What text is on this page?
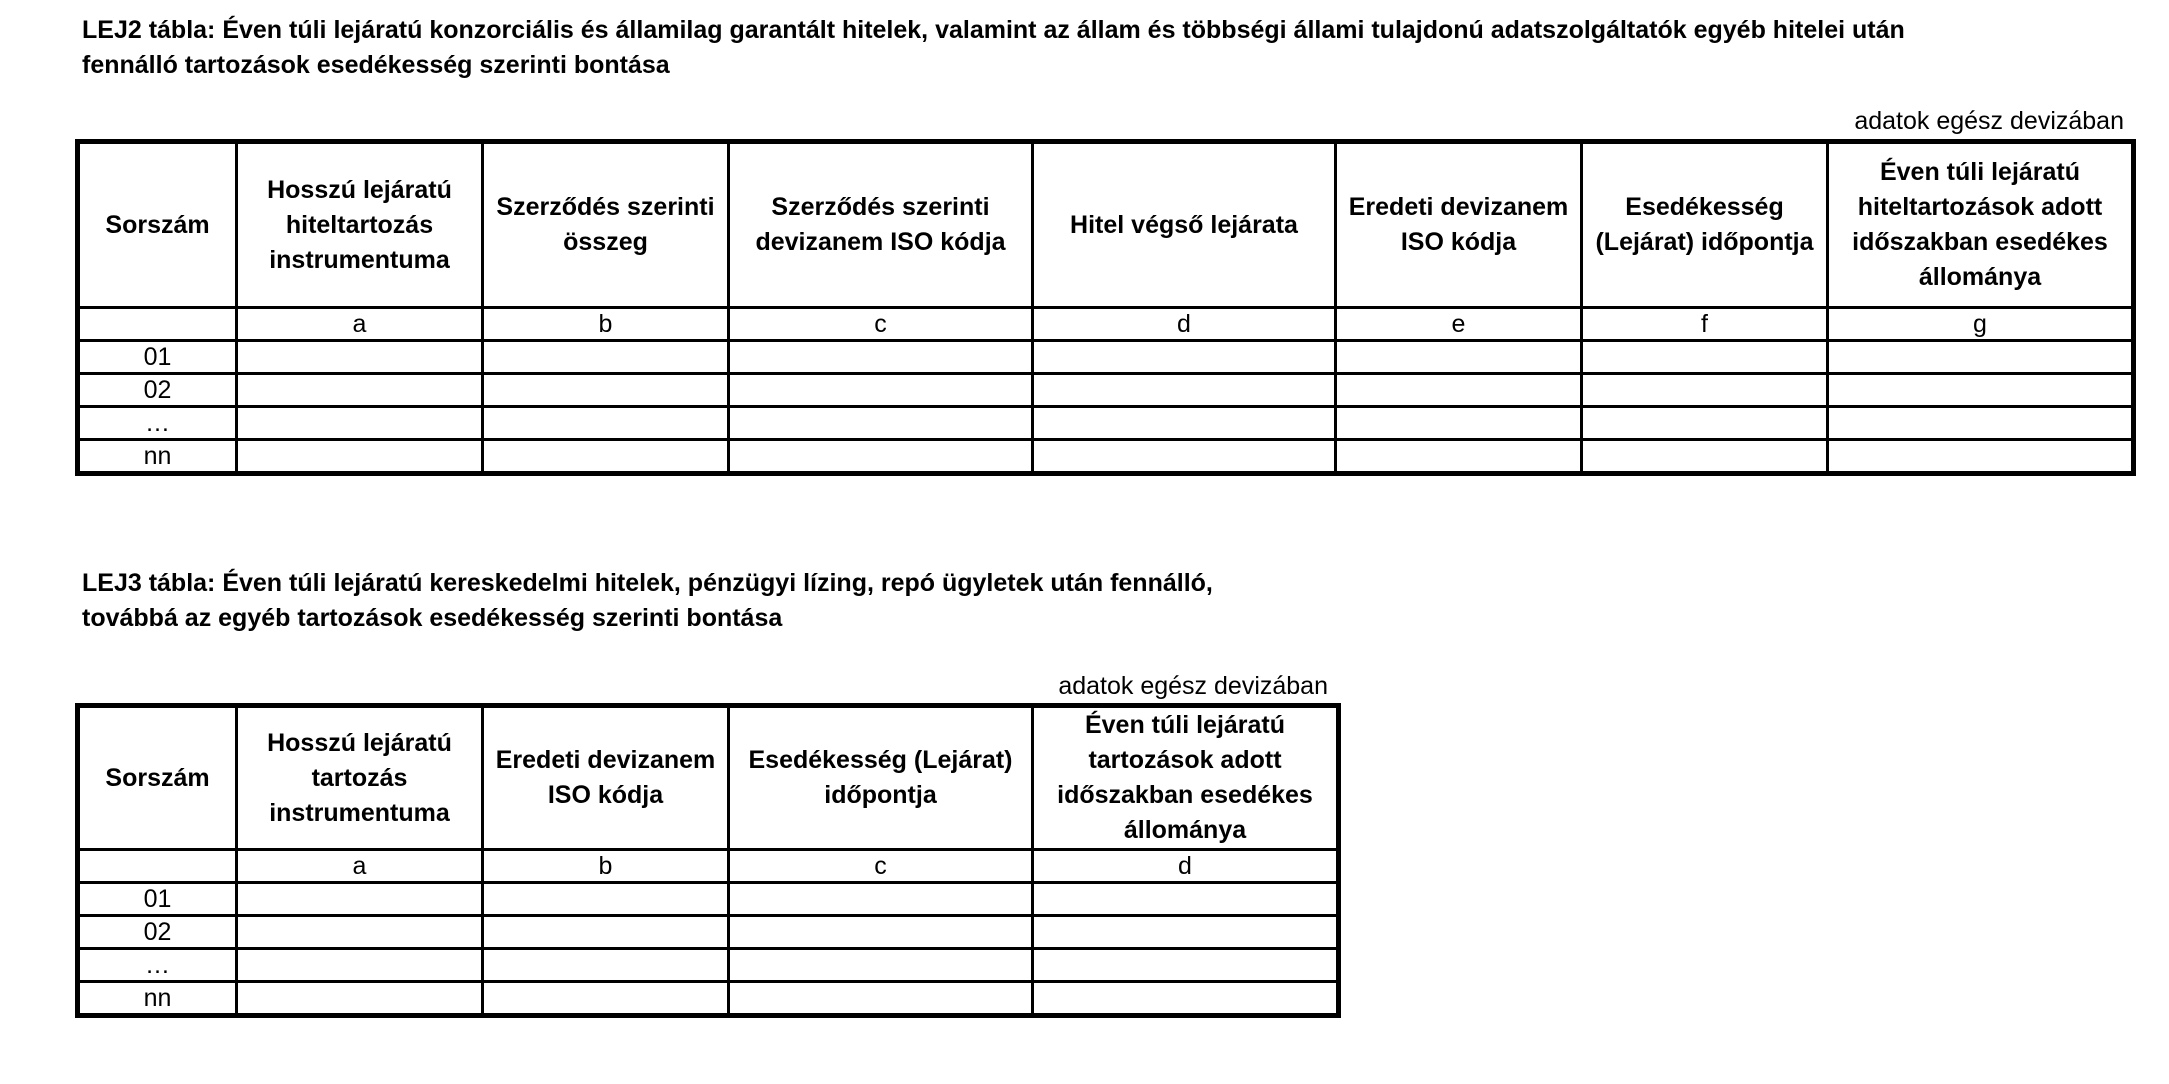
LEJ2 tábla: Éven túli lejáratú konzorciális és államilag garantált hitelek, valamint az állam és többségi állami tulajdonú adatszolgáltatók egyéb hitelei után
fennálló tartozások esedékesség szerinti bontása
adatok egész devizában
Sorszám	Hosszú lejáratú hiteltartozás instrumentuma	Szerződés szerinti összeg	Szerződés szerinti devizanem ISO kódja	Hitel végső lejárata	Eredeti devizanem ISO kódja	Esedékesség (Lejárat) időpontja	Éven túli lejáratú hiteltartozások adott időszakban esedékes állománya
	a	b	c	d	e	f	g
01							
02							
…							
nn							
LEJ3 tábla: Éven túli lejáratú kereskedelmi hitelek, pénzügyi lízing, repó ügyletek után fennálló,
továbbá az egyéb tartozások esedékesség szerinti bontása
adatok egész devizában
Sorszám	Hosszú lejáratú tartozás instrumentuma	Eredeti devizanem ISO kódja	Esedékesség (Lejárat) időpontja	Éven túli lejáratú tartozások adott időszakban esedékes állománya
	a	b	c	d
01				
02				
…				
nn				
